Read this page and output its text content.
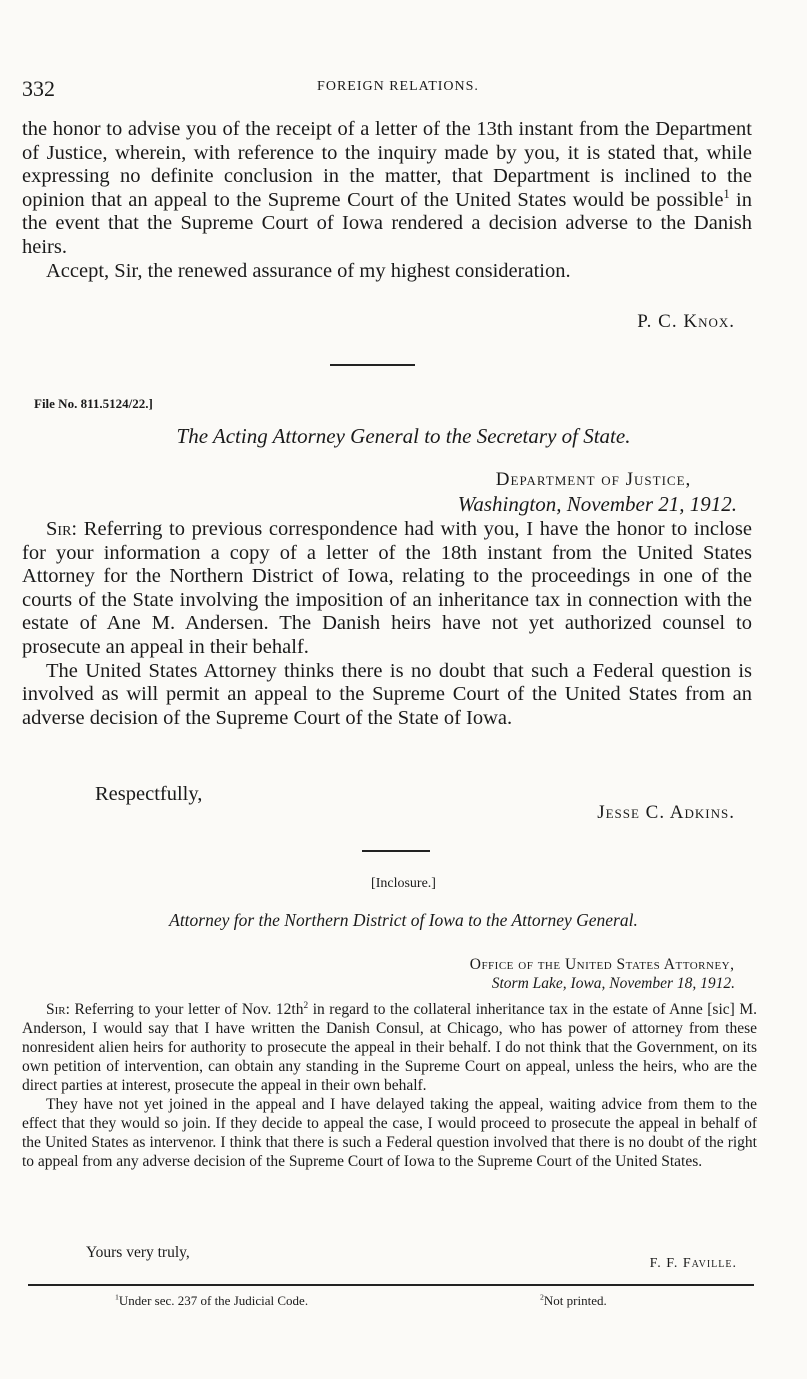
332	FOREIGN RELATIONS.

the honor to advise you of the receipt of a letter of the 13th instant from the Department of Justice, wherein, with reference to the inquiry made by you, it is stated that, while expressing no definite conclusion in the matter, that Department is inclined to the opinion that an appeal to the Supreme Court of the United States would be possible$^1$ in the event that the Supreme Court of Iowa rendered a decision adverse to the Danish heirs.

Accept, Sir, the renewed assurance of my highest consideration.

P. C. Knox.
File No. 811.5124/22.]
The Acting Attorney General to the Secretary of State.
Department of Justice,
Washington, November 21, 1912.

Sir: Referring to previous correspondence had with you, I have the honor to inclose for your information a copy of a letter of the 18th instant from the United States Attorney for the Northern District of Iowa, relating to the proceedings in one of the courts of the State involving the imposition of an inheritance tax in connection with the estate of Ane M. Andersen. The Danish heirs have not yet authorized counsel to prosecute an appeal in their behalf.

The United States Attorney thinks there is no doubt that such a Federal question is involved as will permit an appeal to the Supreme Court of the United States from an adverse decision of the Supreme Court of the State of Iowa.

Respectfully,
Jesse C. Adkins.
[Inclosure.]
Attorney for the Northern District of Iowa to the Attorney General.
Office of the United States Attorney,
Storm Lake, Iowa, November 18, 1912.

Sir: Referring to your letter of Nov. $12th^2$ in regard to the collateral inheritance tax in the estate of Anne [sic] M. Anderson, I would say that I have written the Danish Consul, at Chicago, who has power of attorney from these nonresident alien heirs for authority to prosecute the appeal in their behalf. I do not think that the Government, on its own petition of intervention, can obtain any standing in the Supreme Court on appeal, unless the heirs, who are the direct parties at interest, prosecute the appeal in their own behalf.

They have not yet joined in the appeal and I have delayed taking the appeal, waiting advice from them to the effect that they would so join. If they decide to appeal the case, I would proceed to prosecute the appeal in behalf of the United States as intervenor. I think that there is such a Federal question involved that there is no doubt of the right to appeal from any adverse decision of the Supreme Court of Iowa to the Supreme Court of the United States.

Yours very truly,
F. F. Faville.
$^1$Under sec. 237 of the Judicial Code.	$^2$Not printed.
